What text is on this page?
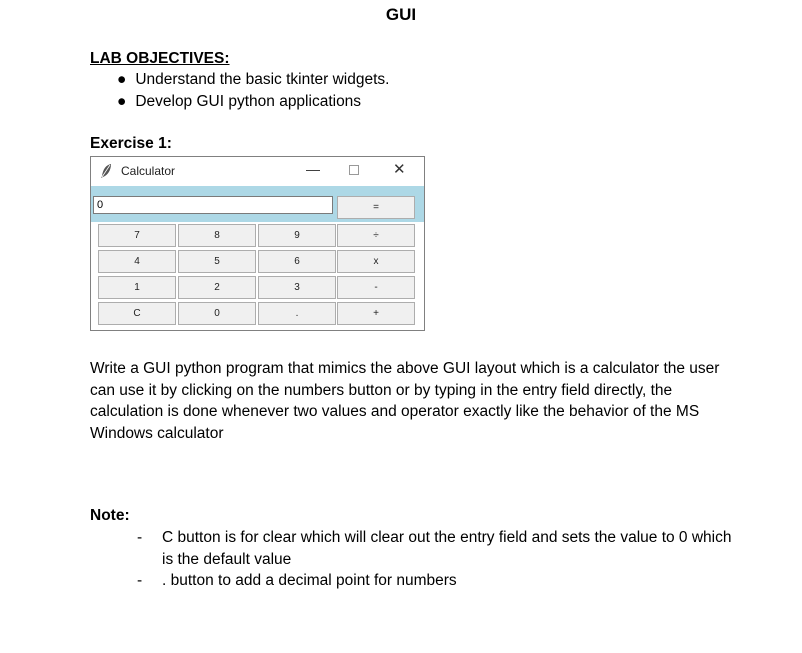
GUI
LAB OBJECTIVES:
● Understand the basic tkinter widgets.
● Develop GUI python applications
Exercise 1:
Calculator	—	✕
0	=
7	8	9	÷
4	5	6	x
1	2	3	-
C	0	.	+
Write a GUI python program that mimics the above GUI layout which is a calculator the user can use it by clicking on the numbers button or by typing in the entry field directly, the calculation is done whenever two values and operator exactly like the behavior of the MS Windows calculator
Note:
- C button is for clear which will clear out the entry field and sets the value to 0 which is the default value
- . button to add a decimal point for numbers
